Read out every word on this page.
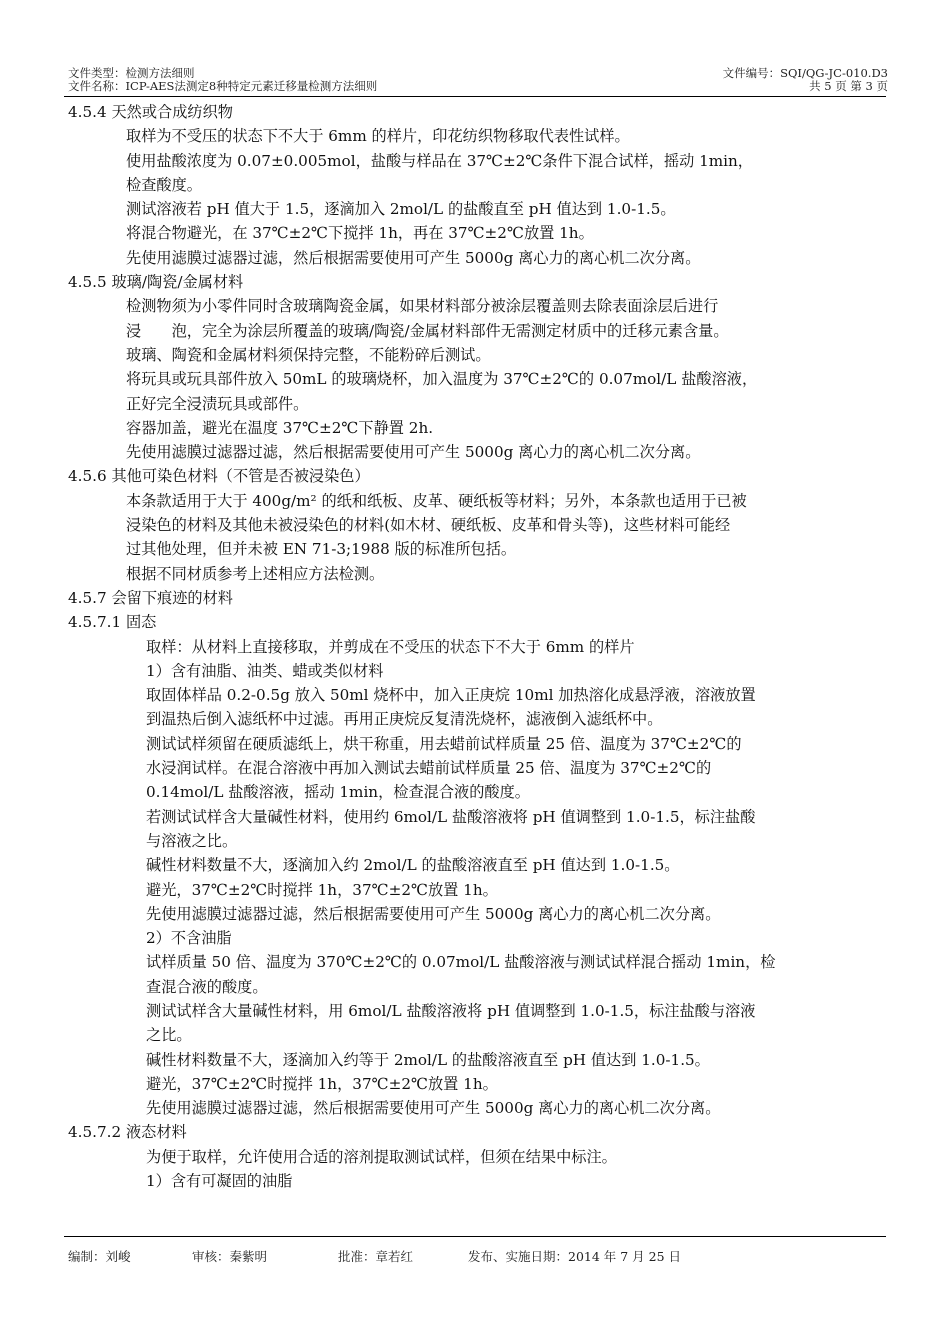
文件类型：检测方法细则
文件名称：ICP-AES法测定8种特定元素迁移量检测方法细则
文件编号：SQI/QG-JC-010.D3
共 5 页 第 3 页
4.5.4 天然或合成纺织物
取样为不受压的状态下不大于 6mm 的样片，印花纺织物移取代表性试样。
使用盐酸浓度为 0.07±0.005mol，盐酸与样品在 37℃±2℃条件下混合试样，摇动 1min，
检查酸度。
测试溶液若 pH 值大于 1.5，逐滴加入 2mol/L 的盐酸直至 pH 值达到 1.0-1.5。
将混合物避光，在 37℃±2℃下搅拌 1h，再在 37℃±2℃放置 1h。
先使用滤膜过滤器过滤，然后根据需要使用可产生 5000g 离心力的离心机二次分离。
4.5.5 玻璃/陶瓷/金属材料
检测物须为小零件同时含玻璃陶瓷金属，如果材料部分被涂层覆盖则去除表面涂层后进行
浸　　泡，完全为涂层所覆盖的玻璃/陶瓷/金属材料部件无需测定材质中的迁移元素含量。
玻璃、陶瓷和金属材料须保持完整，不能粉碎后测试。
将玩具或玩具部件放入 50mL 的玻璃烧杯，加入温度为 37℃±2℃的 0.07mol/L 盐酸溶液，
正好完全浸渍玩具或部件。
容器加盖，避光在温度 37℃±2℃下静置 2h.
先使用滤膜过滤器过滤，然后根据需要使用可产生 5000g 离心力的离心机二次分离。
4.5.6 其他可染色材料（不管是否被浸染色）
本条款适用于大于 400g/m² 的纸和纸板、皮革、硬纸板等材料；另外，本条款也适用于已被
浸染色的材料及其他未被浸染色的材料(如木材、硬纸板、皮革和骨头等)，这些材料可能经
过其他处理，但并未被 EN 71-3;1988 版的标准所包括。
根据不同材质参考上述相应方法检测。
4.5.7 会留下痕迹的材料
4.5.7.1 固态
取样：从材料上直接移取，并剪成在不受压的状态下不大于 6mm 的样片
1）含有油脂、油类、蜡或类似材料
取固体样品 0.2-0.5g 放入 50ml 烧杯中，加入正庚烷 10ml 加热溶化成悬浮液，溶液放置
到温热后倒入滤纸杯中过滤。再用正庚烷反复清洗烧杯，滤液倒入滤纸杯中。
测试试样须留在硬质滤纸上，烘干称重，用去蜡前试样质量 25 倍、温度为 37℃±2℃的
水浸润试样。在混合溶液中再加入测试去蜡前试样质量 25 倍、温度为 37℃±2℃的
0.14mol/L 盐酸溶液，摇动 1min，检查混合液的酸度。
若测试试样含大量碱性材料，使用约 6mol/L 盐酸溶液将 pH 值调整到 1.0-1.5，标注盐酸
与溶液之比。
碱性材料数量不大，逐滴加入约 2mol/L 的盐酸溶液直至 pH 值达到 1.0-1.5。
避光，37℃±2℃时搅拌 1h，37℃±2℃放置 1h。
先使用滤膜过滤器过滤，然后根据需要使用可产生 5000g 离心力的离心机二次分离。
2）不含油脂
试样质量 50 倍、温度为 370℃±2℃的 0.07mol/L 盐酸溶液与测试试样混合摇动 1min，检
查混合液的酸度。
测试试样含大量碱性材料，用 6mol/L 盐酸溶液将 pH 值调整到 1.0-1.5，标注盐酸与溶液
之比。
碱性材料数量不大，逐滴加入约等于 2mol/L 的盐酸溶液直至 pH 值达到 1.0-1.5。
避光，37℃±2℃时搅拌 1h，37℃±2℃放置 1h。
先使用滤膜过滤器过滤，然后根据需要使用可产生 5000g 离心力的离心机二次分离。
4.5.7.2 液态材料
为便于取样，允许使用合适的溶剂提取测试试样，但须在结果中标注。
1）含有可凝固的油脂
编制：刘峻	审核：秦紫明	批准：章若红	发布、实施日期：2014 年 7 月 25 日
